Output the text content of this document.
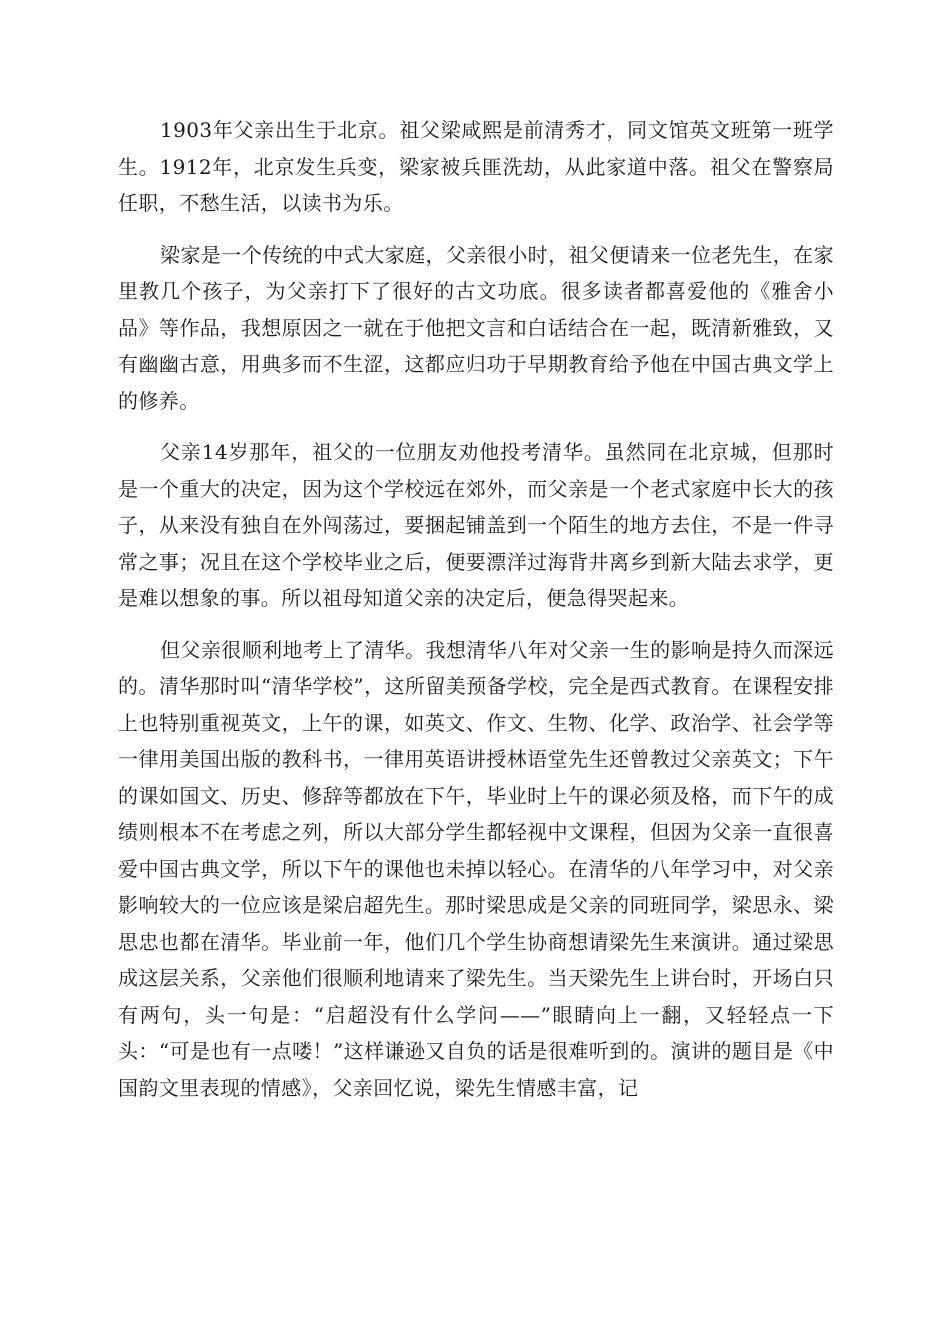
1903年父亲出生于北京。祖父梁咸熙是前清秀才，同文馆英文班第一班学生。1912年，北京发生兵变，梁家被兵匪洗劫，从此家道中落。祖父在警察局任职，不愁生活，以读书为乐。

梁家是一个传统的中式大家庭，父亲很小时，祖父便请来一位老先生，在家里教几个孩子，为父亲打下了很好的古文功底。很多读者都喜爱他的《雅舍小品》等作品，我想原因之一就在于他把文言和白话结合在一起，既清新雅致，又有幽幽古意，用典多而不生涩，这都应归功于早期教育给予他在中国古典文学上的修养。

父亲14岁那年，祖父的一位朋友劝他投考清华。虽然同在北京城，但那时是一个重大的决定，因为这个学校远在郊外，而父亲是一个老式家庭中长大的孩子，从来没有独自在外闯荡过，要捆起铺盖到一个陌生的地方去住，不是一件寻常之事；况且在这个学校毕业之后，便要漂洋过海背井离乡到新大陆去求学，更是难以想象的事。所以祖母知道父亲的决定后，便急得哭起来。

但父亲很顺利地考上了清华。我想清华八年对父亲一生的影响是持久而深远的。清华那时叫“清华学校”，这所留美预备学校，完全是西式教育。在课程安排上也特别重视英文，上午的课，如英文、作文、生物、化学、政治学、社会学等一律用美国出版的教科书，一律用英语讲授林语堂先生还曾教过父亲英文；下午的课如国文、历史、修辞等都放在下午，毕业时上午的课必须及格，而下午的成绩则根本不在考虑之列，所以大部分学生都轻视中文课程，但因为父亲一直很喜爱中国古典文学，所以下午的课他也未掉以轻心。在清华的八年学习中，对父亲影响较大的一位应该是梁启超先生。那时梁思成是父亲的同班同学，梁思永、梁思忠也都在清华。毕业前一年，他们几个学生协商想请梁先生来演讲。通过梁思成这层关系，父亲他们很顺利地请来了梁先生。当天梁先生上讲台时，开场白只有两句，头一句是：“启超没有什么学问——”眼睛向上一翻，又轻轻点一下头：“可是也有一点喽！”这样谦逊又自负的话是很难听到的。演讲的题目是《中国韵文里表现的情感》，父亲回忆说，梁先生情感丰富，记
